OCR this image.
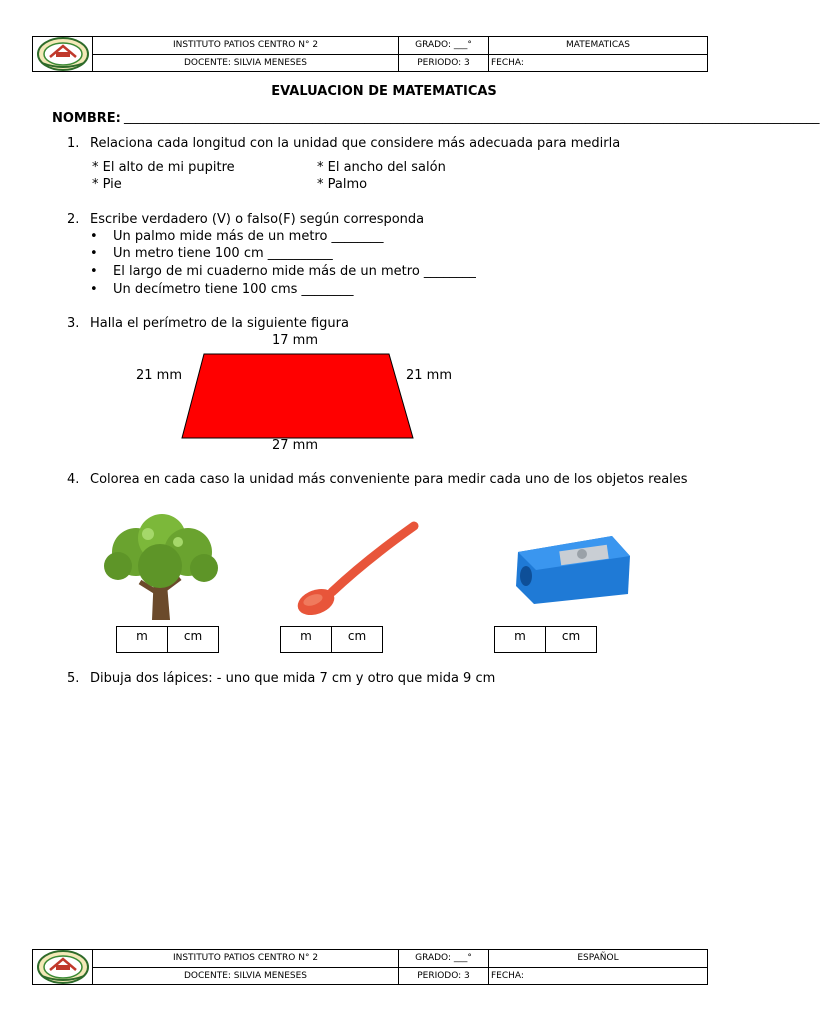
	INSTITUTO PATIOS CENTRO N° 2	GRADO: ___°	MATEMATICAS
	DOCENTE: SILVIA MENESES	PERIODO: 3	FECHA:
EVALUACION DE MATEMATICAS
NOMBRE: ___________________________________________________________________________________________________________
1. Relaciona cada longitud con la unidad que considere más adecuada para medirla
* El alto de mi pupitre
* Pie
* El ancho del salón
* Palmo
2. Escribe verdadero (V) o falso(F) según corresponda
• Un palmo mide más de un metro ________
• Un metro tiene 100 cm __________
• El largo de mi cuaderno mide más de un metro ________
• Un decímetro tiene 100 cms ________
3. Halla el perímetro de la siguiente figura
17 mm
21 mm	21 mm
27 mm
4. Colorea en cada caso la unidad más conveniente para medir cada uno de los objetos reales
m	cm	m	cm	m	cm
5. Dibuja dos lápices: - uno que mida 7 cm y otro que mida 9 cm
	INSTITUTO PATIOS CENTRO N° 2	GRADO: ___°	ESPAÑOL
	DOCENTE: SILVIA MENESES	PERIODO: 3	FECHA:
